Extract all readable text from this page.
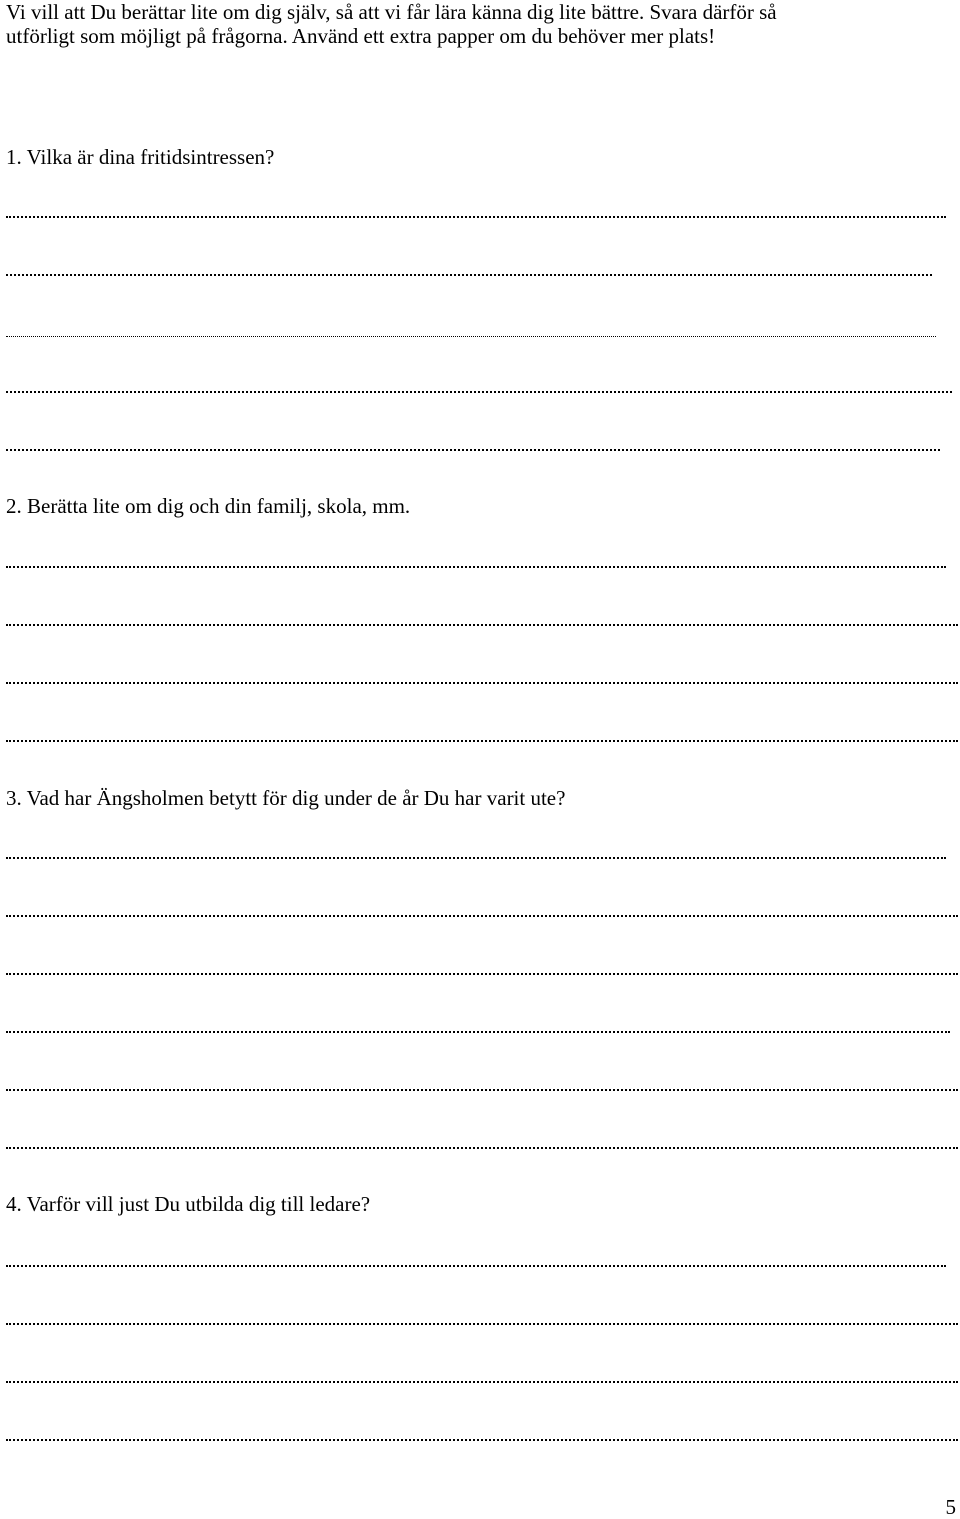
Vi vill att Du berättar lite om dig själv, så att vi får lära känna dig lite bättre. Svara därför så
utförligt som möjligt på frågorna. Använd ett extra papper om du behöver mer plats!
1. Vilka är dina fritidsintressen?
2. Berätta lite om dig och din familj, skola, mm.
3. Vad har Ängsholmen betytt för dig under de år Du har varit ute?
4. Varför vill just Du utbilda dig till ledare?
5
